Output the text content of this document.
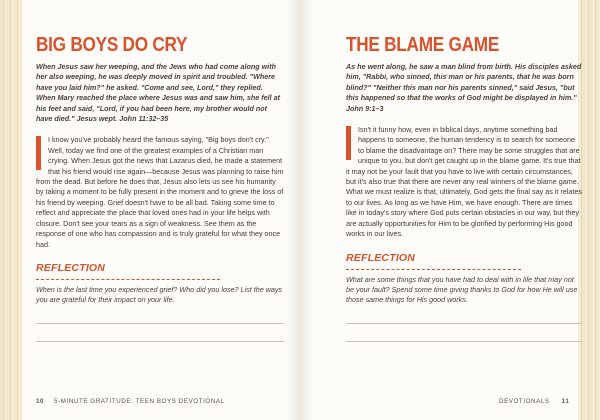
BIG BOYS DO CRY

When Jesus saw her weeping, and the Jews who had come along with her also weeping, he was deeply moved in spirit and troubled. "Where have you laid him?" he asked. "Come and see, Lord," they replied. When Mary reached the place where Jesus was and saw him, she fell at his feet and said, "Lord, if you had been here, my brother would not have died." Jesus wept. John 11:32–35

I know you've probably heard the famous saying, "Big boys don't cry." Well, today we find one of the greatest examples of a Christian man crying. When Jesus got the news that Lazarus died, he made a statement that his friend would rise again—because Jesus was planning to raise him from the dead. But before he does that, Jesus also lets us see his humanity by taking a moment to be fully present in the moment and to grieve the loss of his friend by weeping. Grief doesn't have to be all bad. Taking some time to reflect and appreciate the place that loved ones had in your life helps with closure. Don't see your tears as a sign of weakness. See them as the response of one who has compassion and is truly grateful for what they once had.

REFLECTION

When is the last time you experienced grief? Who did you lose? List the ways you are grateful for their impact on your life.

THE BLAME GAME

As he went along, he saw a man blind from birth. His disciples asked him, "Rabbi, who sinned, this man or his parents, that he was born blind?" "Neither this man nor his parents sinned," said Jesus, "but this happened so that the works of God might be displayed in him." John 9:1–3

Isn't it funny how, even in biblical days, anytime something bad happens to someone, the human tendency is to search for someone to blame the disadvantage on? There may be some struggles that are unique to you, but don't get caught up in the blame game. It's true that it may not be your fault that you have to live with certain circumstances, but it's also true that there are never any real winners of the blame game. What we must realize is that, ultimately, God gets the final say as it relates to our lives. As long as we have Him, we have enough. There are times like in today's story where God puts certain obstacles in our way, but they are actually opportunities for Him to be glorified by performing His good works in our lives.

REFLECTION

What are some things that you have had to deal with in life that may not be your fault? Spend some time giving thanks to God for how He will use those same things for His good works.

10 5-MINUTE GRATITUDE: TEEN BOYS DEVOTIONAL	DEVOTIONALS 11
